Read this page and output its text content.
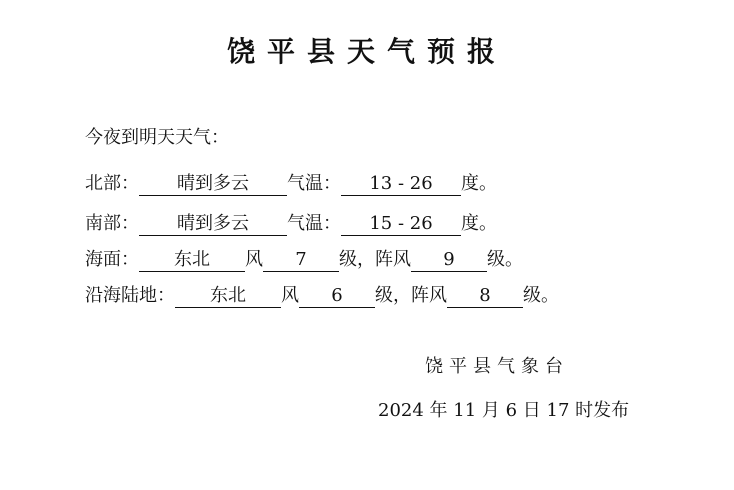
饶平县天气预报
今夜到明天天气：
北部： 晴到多云 气温： 13 - 26 度。
南部： 晴到多云 气温： 15 - 26 度。
海面： 东北 风 7 级，阵风 9 级。
沿海陆地： 东北 风 6 级，阵风 8 级。
饶平县气象台
2024 年 11 月 6 日 17 时发布
